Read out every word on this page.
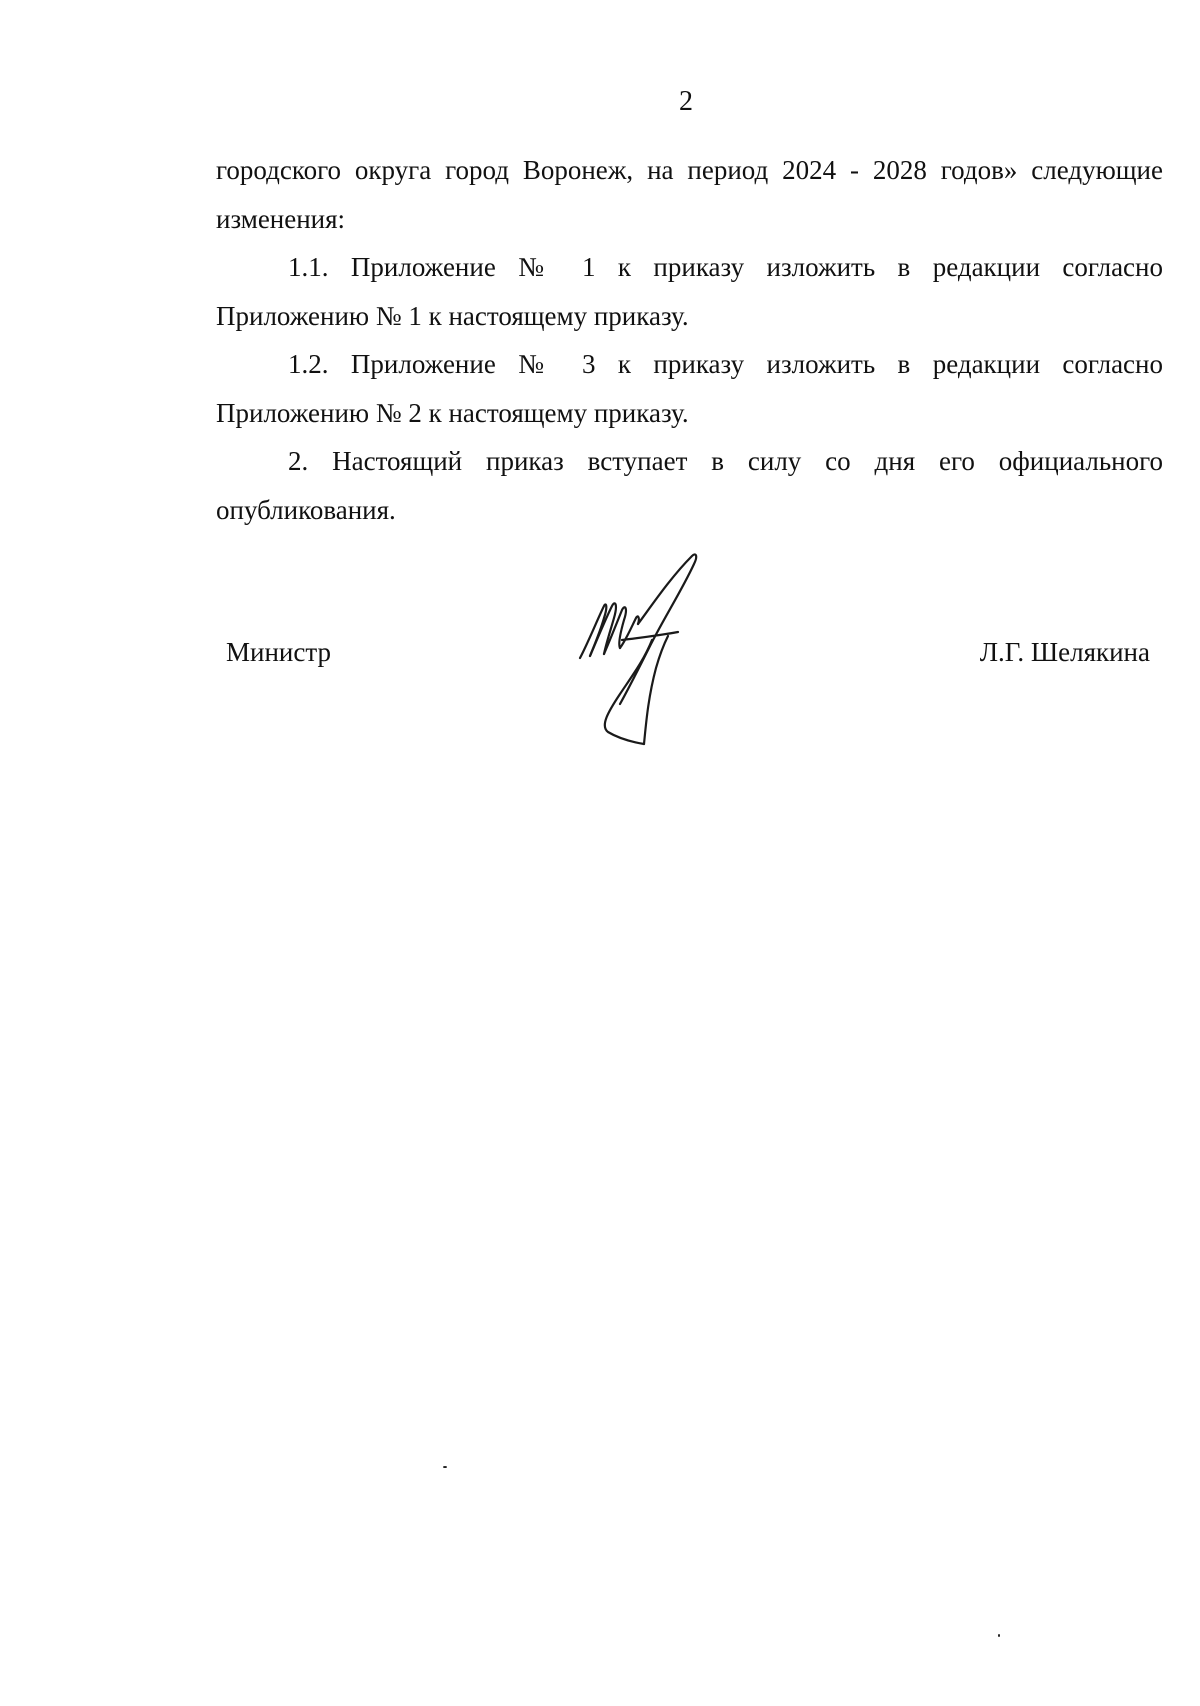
2

городского округа город Воронеж, на период 2024 - 2028 годов» следующие изменения:

1.1. Приложение № 1 к приказу изложить в редакции согласно Приложению № 1 к настоящему приказу.

1.2. Приложение № 3 к приказу изложить в редакции согласно Приложению № 2 к настоящему приказу.

2. Настоящий приказ вступает в силу со дня его официального опубликования.

Министр	Л.Г. Шелякина
